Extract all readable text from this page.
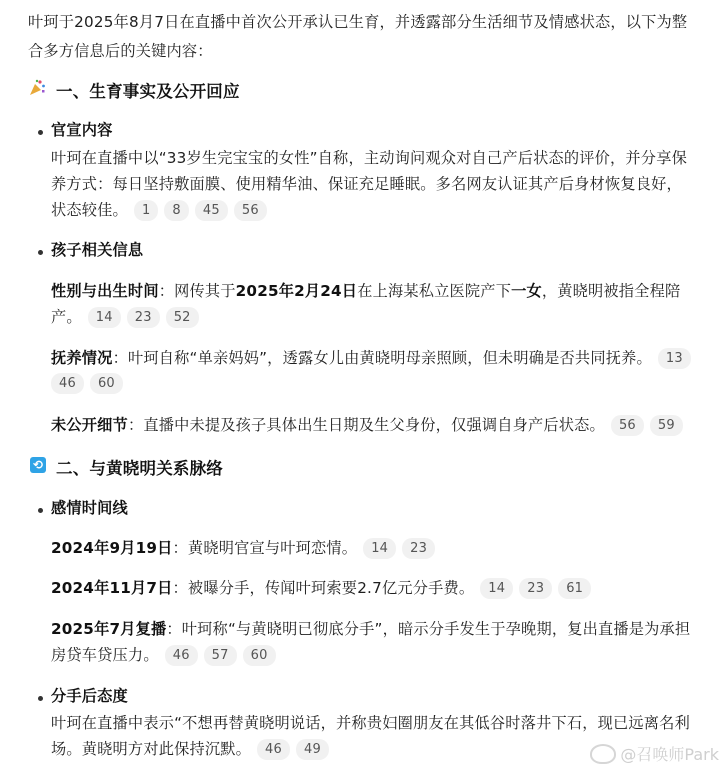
叶珂于2025年8月7日在直播中首次公开承认已生育，并透露部分生活细节及情感状态，以下为整
合多方信息后的关键内容：
一、生育事实及公开回应
官宣内容
叶珂在直播中以“33岁生完宝宝的女性”自称，主动询问观众对自己产后状态的评价，并分享保
养方式：每日坚持敷面膜、使用精华油、保证充足睡眠。多名网友认证其产后身材恢复良好，
状态较佳。 1 8 45 56
孩子相关信息
性别与出生时间：网传其于2025年2月24日在上海某私立医院产下一女，黄晓明被指全程陪
产。 14 23 52
抚养情况：叶珂自称“单亲妈妈”，透露女儿由黄晓明母亲照顾，但未明确是否共同抚养。 13
46 60
未公开细节：直播中未提及孩子具体出生日期及生父身份，仅强调自身产后状态。 56 59
⟲ 二、与黄晓明关系脉络
感情时间线
2024年9月19日：黄晓明官宣与叶珂恋情。 14 23
2024年11月7日：被曝分手，传闻叶珂索要2.7亿元分手费。 14 23 61
2025年7月复播：叶珂称“与黄晓明已彻底分手”，暗示分手发生于孕晚期，复出直播是为承担
房贷车贷压力。 46 57 60
分手后态度
叶珂在直播中表示“不想再替黄晓明说话，并称贵妇圈朋友在其低谷时落井下石，现已远离名利
场。黄晓明方对此保持沉默。 46 49	@召唤师Park
